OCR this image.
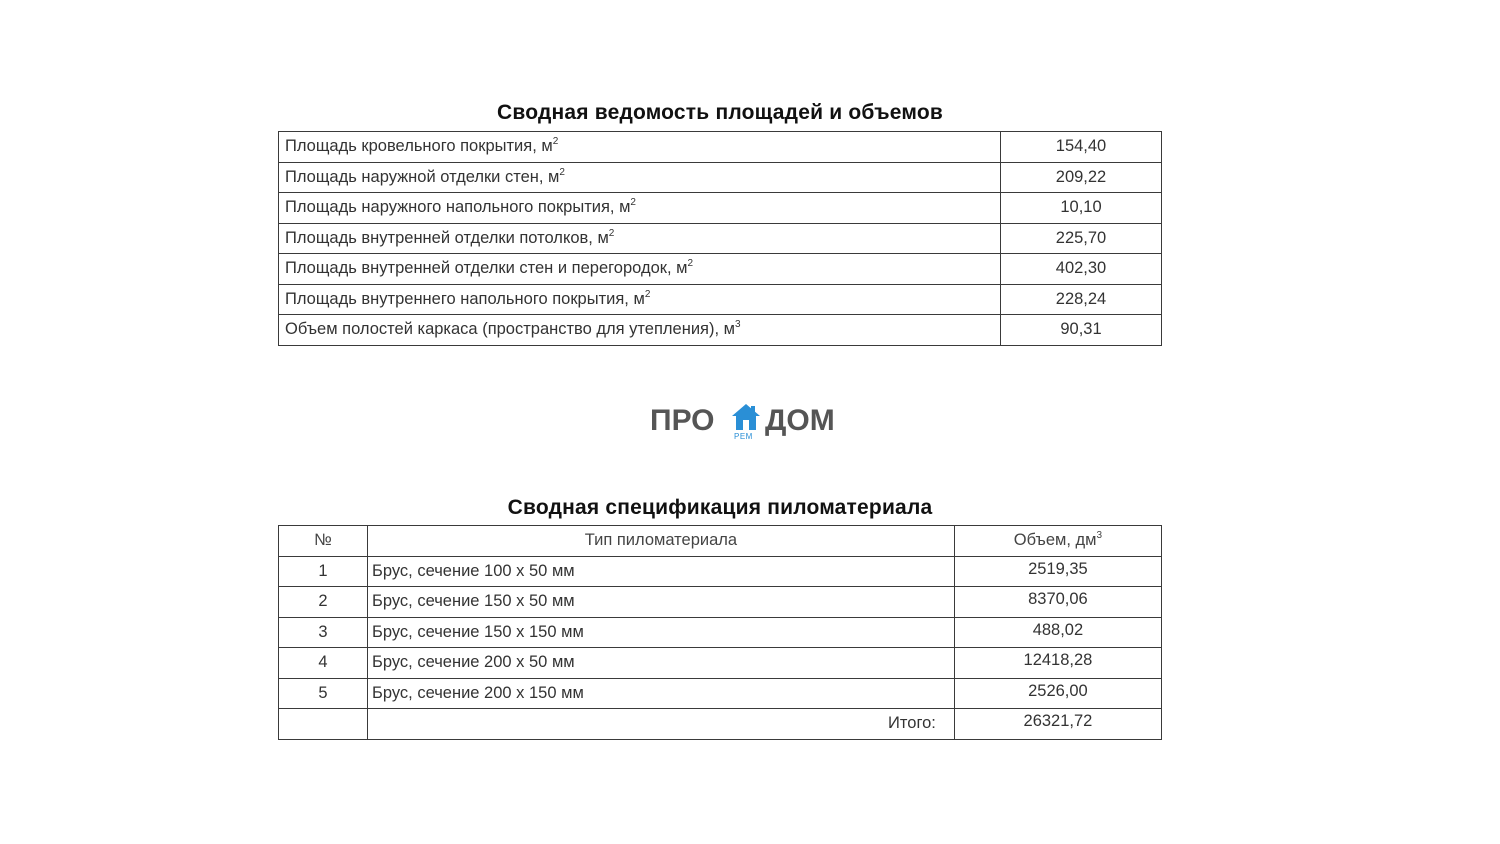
Сводная ведомость площадей и объемов
Площадь кровельного покрытия, $м^2$	154,40
Площадь наружной отделки стен, $м^2$	209,22
Площадь наружного напольного покрытия, $м^2$	10,10
Площадь внутренней отделки потолков, $м^2$	225,70
Площадь внутренней отделки стен и перегородок, $м^2$	402,30
Площадь внутреннего напольного покрытия, $м^2$	228,24
Объем полостей каркаса (пространство для утепления), $м^3$	90,31
ПРО РЕМ ДОМ
Сводная спецификация пиломатериала
№	Тип пиломатериала	Объем, $дм^3$
1	Брус, сечение 100 х 50 мм	2519,35
2	Брус, сечение 150 х 50 мм	8370,06
3	Брус, сечение 150 х 150 мм	488,02
4	Брус, сечение 200 х 50 мм	12418,28
5	Брус, сечение 200 х 150 мм	2526,00
	Итого:	26321,72
